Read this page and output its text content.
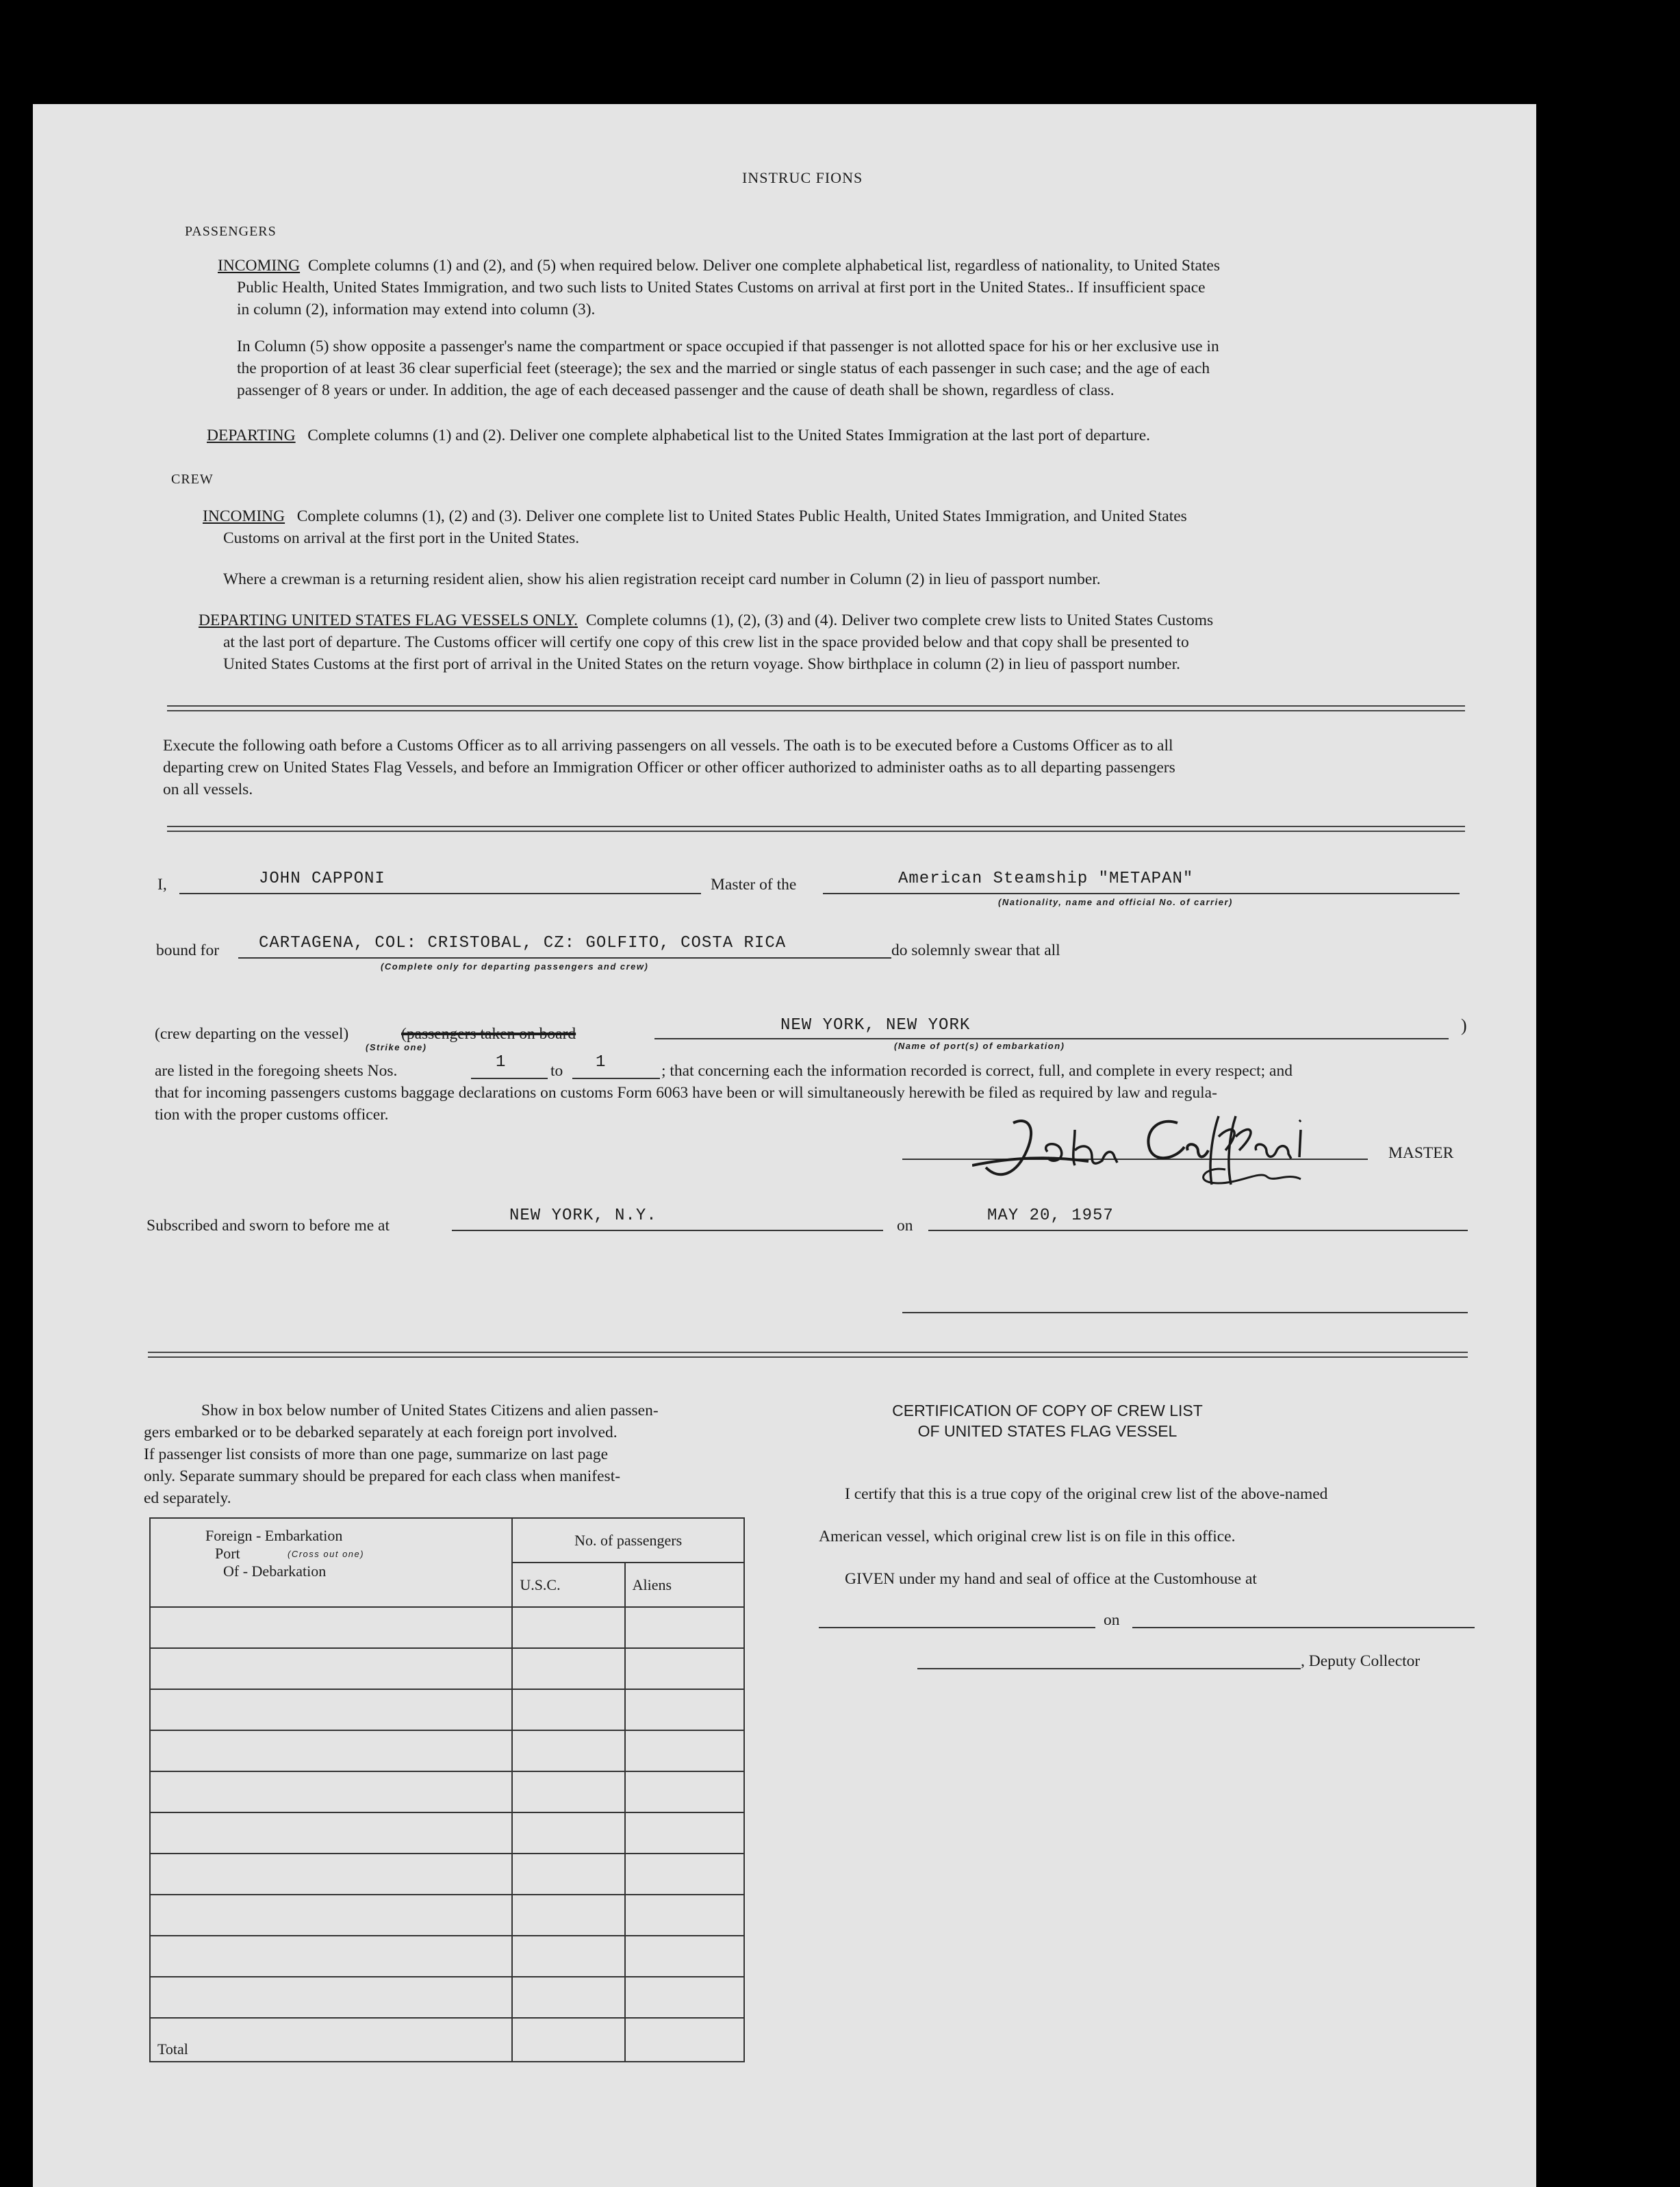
INSTRUC FIONS
PASSENGERS
INCOMING Complete columns (1) and (2), and (5) when required below. Deliver one complete alphabetical list, regardless of nationality, to United States
Public Health, United States Immigration, and two such lists to United States Customs on arrival at first port in the United States.. If insufficient space
in column (2), information may extend into column (3).
In Column (5) show opposite a passenger's name the compartment or space occupied if that passenger is not allotted space for his or her exclusive use in
the proportion of at least 36 clear superficial feet (steerage); the sex and the married or single status of each passenger in such case; and the age of each
passenger of 8 years or under. In addition, the age of each deceased passenger and the cause of death shall be shown, regardless of class.
DEPARTING Complete columns (1) and (2). Deliver one complete alphabetical list to the United States Immigration at the last port of departure.
CREW
INCOMING Complete columns (1), (2) and (3). Deliver one complete list to United States Public Health, United States Immigration, and United States
Customs on arrival at the first port in the United States.
Where a crewman is a returning resident alien, show his alien registration receipt card number in Column (2) in lieu of passport number.
DEPARTING UNITED STATES FLAG VESSELS ONLY. Complete columns (1), (2), (3) and (4). Deliver two complete crew lists to United States Customs
at the last port of departure. The Customs officer will certify one copy of this crew list in the space provided below and that copy shall be presented to
United States Customs at the first port of arrival in the United States on the return voyage. Show birthplace in column (2) in lieu of passport number.
Execute the following oath before a Customs Officer as to all arriving passengers on all vessels. The oath is to be executed before a Customs Officer as to all
departing crew on United States Flag Vessels, and before an Immigration Officer or other officer authorized to administer oaths as to all departing passengers
on all vessels.
I,	JOHN CAPPONI	Master of the	American Steamship "METAPAN"
(Nationality, name and official No. of carrier)
bound for CARTAGENA, COL: CRISTOBAL, CZ: GOLFITO, COSTA RICA	do solemnly swear that all
(Complete only for departing passengers and crew)
(crew departing on the vessel)	(passengers taken on board
(Strike one)
NEW YORK, NEW YORK	)
(Name of port(s) of embarkation)
are listed in the foregoing sheets Nos.	1	to 1	; that concerning each the information recorded is correct, full, and complete in every respect; and
that for incoming passengers customs baggage declarations on customs Form 6063 have been or will simultaneously herewith be filed as required by law and regula-
tion with the proper customs officer.
MASTER
Subscribed and sworn to before me at
NEW YORK, N.Y.
on
MAY 20, 1957
Show in box below number of United States Citizens and alien passen-
gers embarked or to be debarked separately at each foreign port involved.
If passenger list consists of more than one page, summarize on last page
only. Separate summary should be prepared for each class when manifest-
ed separately.
Foreign - Embarkation
Port (Cross out one)
Of - Debarkation	No. of passengers	
	U.S.C.	Aliens

Total		
CERTIFICATION OF COPY OF CREW LIST
OF UNITED STATES FLAG VESSEL
I certify that this is a true copy of the original crew list of the above-named
American vessel, which original crew list is on file in this office.
GIVEN under my hand and seal of office at the Customhouse at
on
, Deputy Collector
